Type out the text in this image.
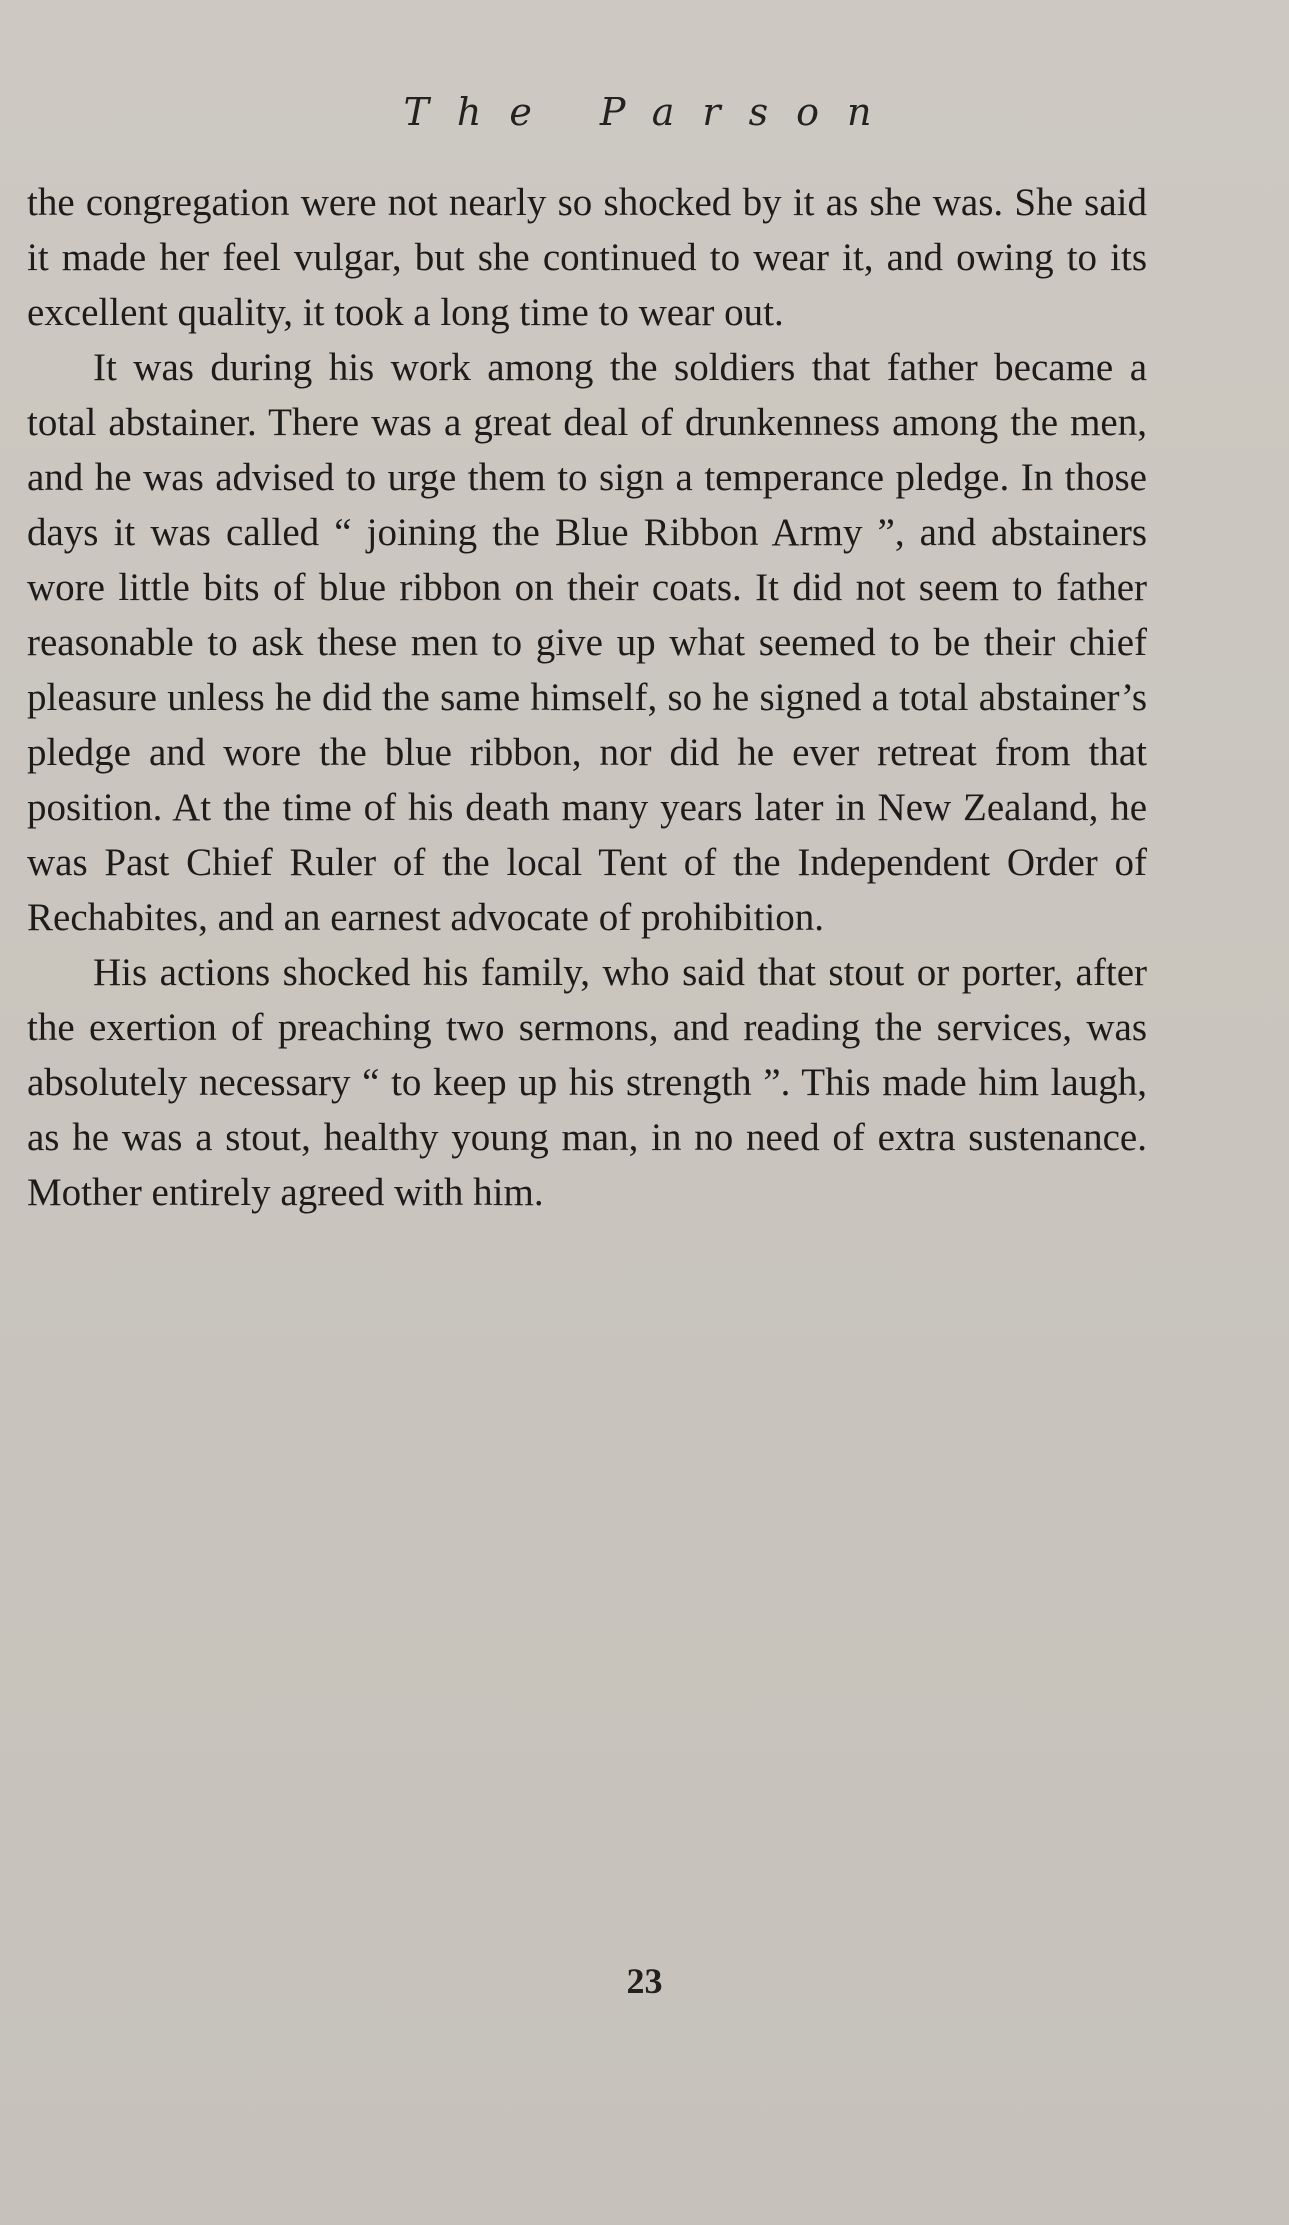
The Parson

the congregation were not nearly so shocked by it as she was. She said it made her feel vulgar, but she continued to wear it, and owing to its excellent quality, it took a long time to wear out.

It was during his work among the soldiers that father became a total abstainer. There was a great deal of drunkenness among the men, and he was advised to urge them to sign a temperance pledge. In those days it was called “ joining the Blue Ribbon Army ”, and abstainers wore little bits of blue ribbon on their coats. It did not seem to father reasonable to ask these men to give up what seemed to be their chief pleasure unless he did the same himself, so he signed a total abstainer’s pledge and wore the blue ribbon, nor did he ever retreat from that position. At the time of his death many years later in New Zealand, he was Past Chief Ruler of the local Tent of the Independent Order of Rechabites, and an earnest advocate of prohibition.

His actions shocked his family, who said that stout or porter, after the exertion of preaching two sermons, and reading the services, was absolutely necessary “ to keep up his strength ”. This made him laugh, as he was a stout, healthy young man, in no need of extra sustenance. Mother entirely agreed with him.

23
